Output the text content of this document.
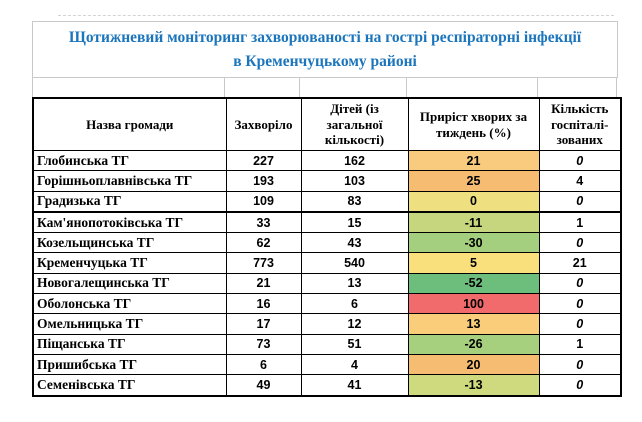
Щотижневий моніторинг захворюваності на гострі респіраторні інфекції
в Кременчуцькому районі
Назва громади	Захворіло	Дітей (із загальної кількості)	Приріст хворих за тиждень (%)	Кількість госпіталі-зованих
Глобинська ТГ	227	162	21	0
Горішньоплавнівська ТГ	193	103	25	4
Градизька ТГ	109	83	0	0
Кам'янопотоківська ТГ	33	15	-11	1
Козельщинська ТГ	62	43	-30	0
Кременчуцька ТГ	773	540	5	21
Новогалещинська ТГ	21	13	-52	0
Оболонська ТГ	16	6	100	0
Омельницька ТГ	17	12	13	0
Піщанська ТГ	73	51	-26	1
Пришибська ТГ	6	4	20	0
Семенівська ТГ	49	41	-13	0
